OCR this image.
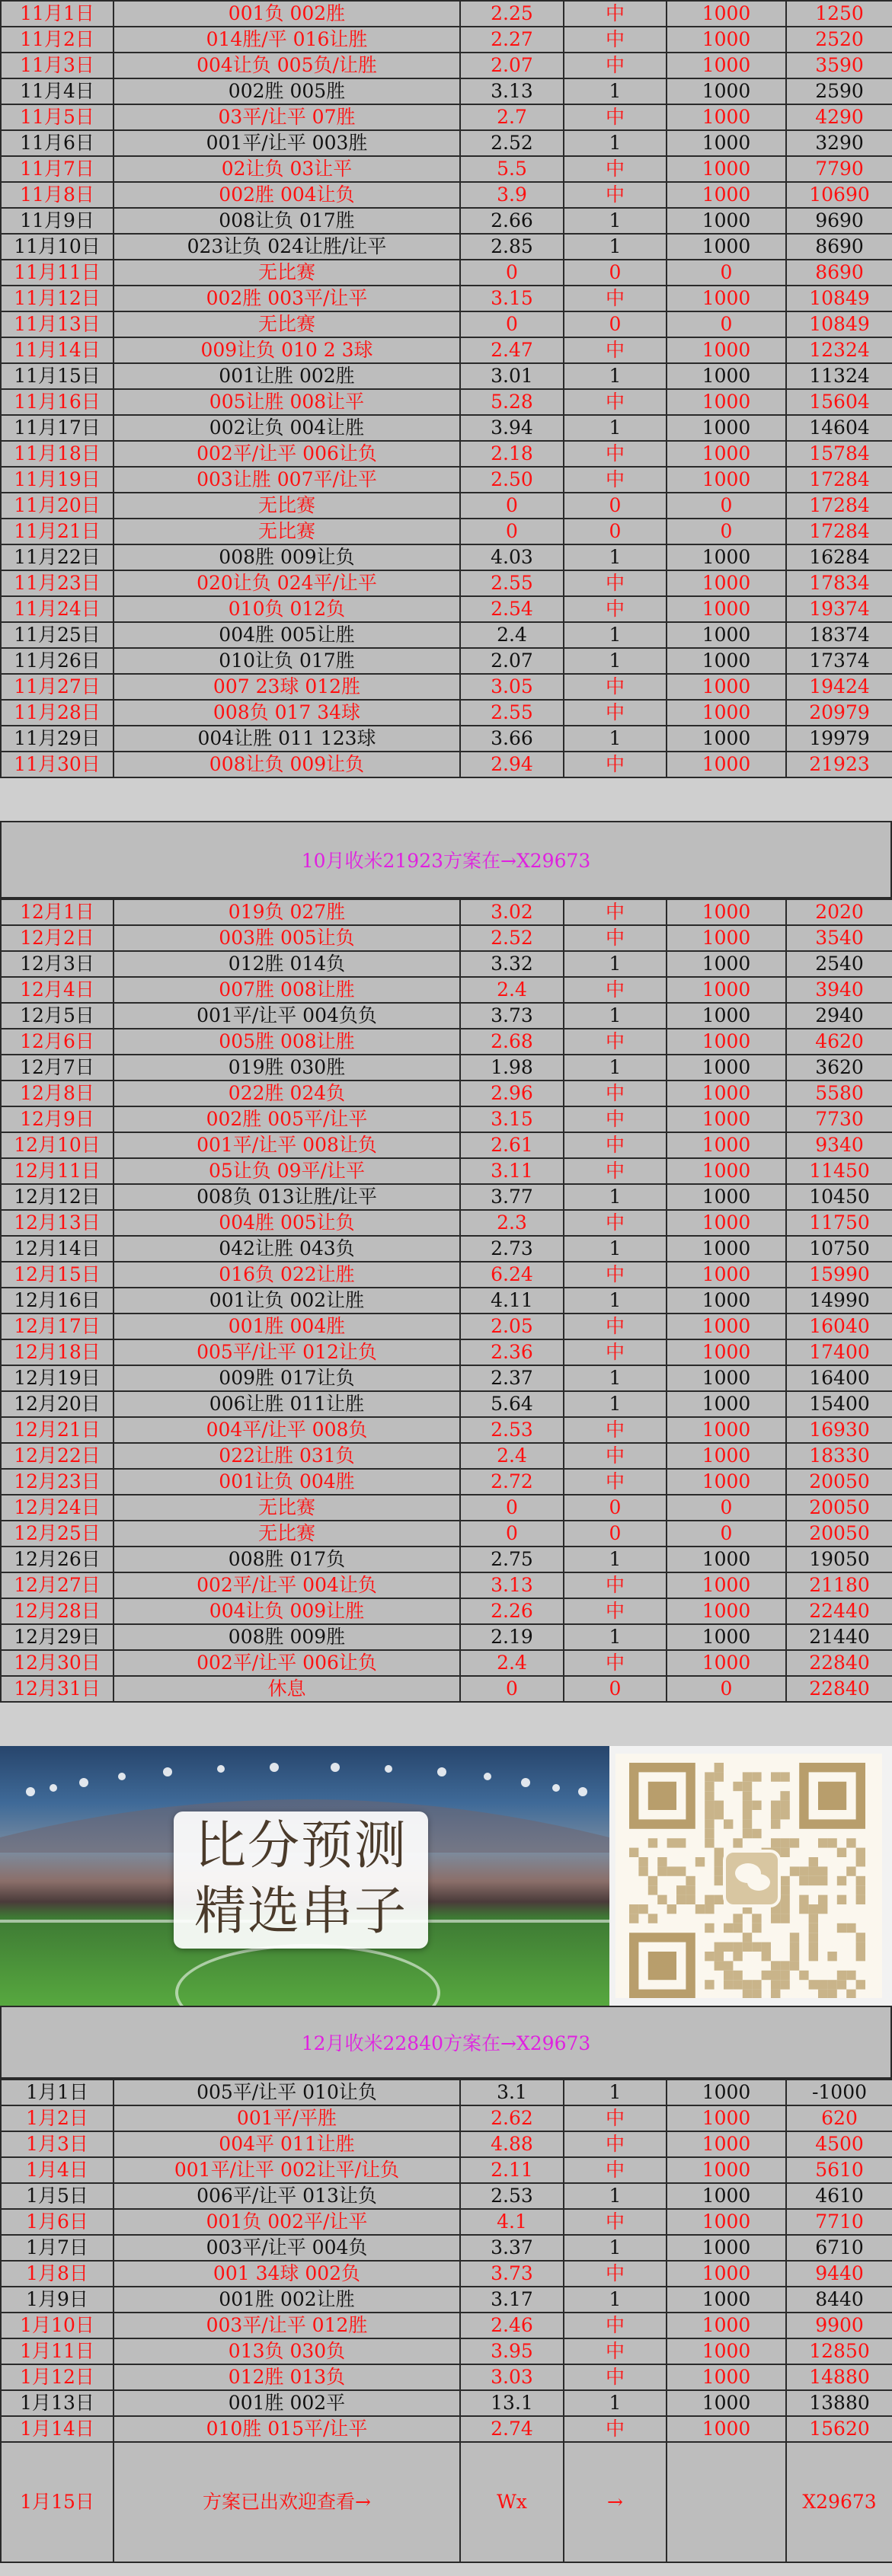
11月1日	001负 002胜	2.25	中	1000	1250
11月2日	014胜/平 016让胜	2.27	中	1000	2520
11月3日	004让负 005负/让胜	2.07	中	1000	3590
11月4日	002胜 005胜	3.13	1	1000	2590
11月5日	03平/让平 07胜	2.7	中	1000	4290
11月6日	001平/让平 003胜	2.52	1	1000	3290
11月7日	02让负 03让平	5.5	中	1000	7790
11月8日	002胜 004让负	3.9	中	1000	10690
11月9日	008让负 017胜	2.66	1	1000	9690
11月10日	023让负 024让胜/让平	2.85	1	1000	8690
11月11日	无比赛	0	0	0	8690
11月12日	002胜 003平/让平	3.15	中	1000	10849
11月13日	无比赛	0	0	0	10849
11月14日	009让负 010 2 3球	2.47	中	1000	12324
11月15日	001让胜 002胜	3.01	1	1000	11324
11月16日	005让胜 008让平	5.28	中	1000	15604
11月17日	002让负 004让胜	3.94	1	1000	14604
11月18日	002平/让平 006让负	2.18	中	1000	15784
11月19日	003让胜 007平/让平	2.50	中	1000	17284
11月20日	无比赛	0	0	0	17284
11月21日	无比赛	0	0	0	17284
11月22日	008胜 009让负	4.03	1	1000	16284
11月23日	020让负 024平/让平	2.55	中	1000	17834
11月24日	010负 012负	2.54	中	1000	19374
11月25日	004胜 005让胜	2.4	1	1000	18374
11月26日	010让负 017胜	2.07	1	1000	17374
11月27日	007 23球 012胜	3.05	中	1000	19424
11月28日	008负 017 34球	2.55	中	1000	20979
11月29日	004让胜 011 123球	3.66	1	1000	19979
11月30日	008让负 009让负	2.94	中	1000	21923
10月收米21923方案在→X29673
12月1日	019负 027胜	3.02	中	1000	2020
12月2日	003胜 005让负	2.52	中	1000	3540
12月3日	012胜 014负	3.32	1	1000	2540
12月4日	007胜 008让胜	2.4	中	1000	3940
12月5日	001平/让平 004负负	3.73	1	1000	2940
12月6日	005胜 008让胜	2.68	中	1000	4620
12月7日	019胜 030胜	1.98	1	1000	3620
12月8日	022胜 024负	2.96	中	1000	5580
12月9日	002胜 005平/让平	3.15	中	1000	7730
12月10日	001平/让平 008让负	2.61	中	1000	9340
12月11日	05让负 09平/让平	3.11	中	1000	11450
12月12日	008负 013让胜/让平	3.77	1	1000	10450
12月13日	004胜 005让负	2.3	中	1000	11750
12月14日	042让胜 043负	2.73	1	1000	10750
12月15日	016负 022让胜	6.24	中	1000	15990
12月16日	001让负 002让胜	4.11	1	1000	14990
12月17日	001胜 004胜	2.05	中	1000	16040
12月18日	005平/让平 012让负	2.36	中	1000	17400
12月19日	009胜 017让负	2.37	1	1000	16400
12月20日	006让胜 011让胜	5.64	1	1000	15400
12月21日	004平/让平 008负	2.53	中	1000	16930
12月22日	022让胜 031负	2.4	中	1000	18330
12月23日	001让负 004胜	2.72	中	1000	20050
12月24日	无比赛	0	0	0	20050
12月25日	无比赛	0	0	0	20050
12月26日	008胜 017负	2.75	1	1000	19050
12月27日	002平/让平 004让负	3.13	中	1000	21180
12月28日	004让负 009让胜	2.26	中	1000	22440
12月29日	008胜 009胜	2.19	1	1000	21440
12月30日	002平/让平 006让负	2.4	中	1000	22840
12月31日	休息	0	0	0	22840
比分预测
精选串子
12月收米22840方案在→X29673
1月1日	005平/让平 010让负	3.1	1	1000	-1000
1月2日	001平/平胜	2.62	中	1000	620
1月3日	004平 011让胜	4.88	中	1000	4500
1月4日	001平/让平 002让平/让负	2.11	中	1000	5610
1月5日	006平/让平 013让负	2.53	1	1000	4610
1月6日	001负 002平/让平	4.1	中	1000	7710
1月7日	003平/让平 004负	3.37	1	1000	6710
1月8日	001 34球 002负	3.73	中	1000	9440
1月9日	001胜 002让胜	3.17	1	1000	8440
1月10日	003平/让平 012胜	2.46	中	1000	9900
1月11日	013负 030负	3.95	中	1000	12850
1月12日	012胜 013负	3.03	中	1000	14880
1月13日	001胜 002平	13.1	1	1000	13880
1月14日	010胜 015平/让平	2.74	中	1000	15620
1月15日	方案已出欢迎查看→	Wx	→		X29673
